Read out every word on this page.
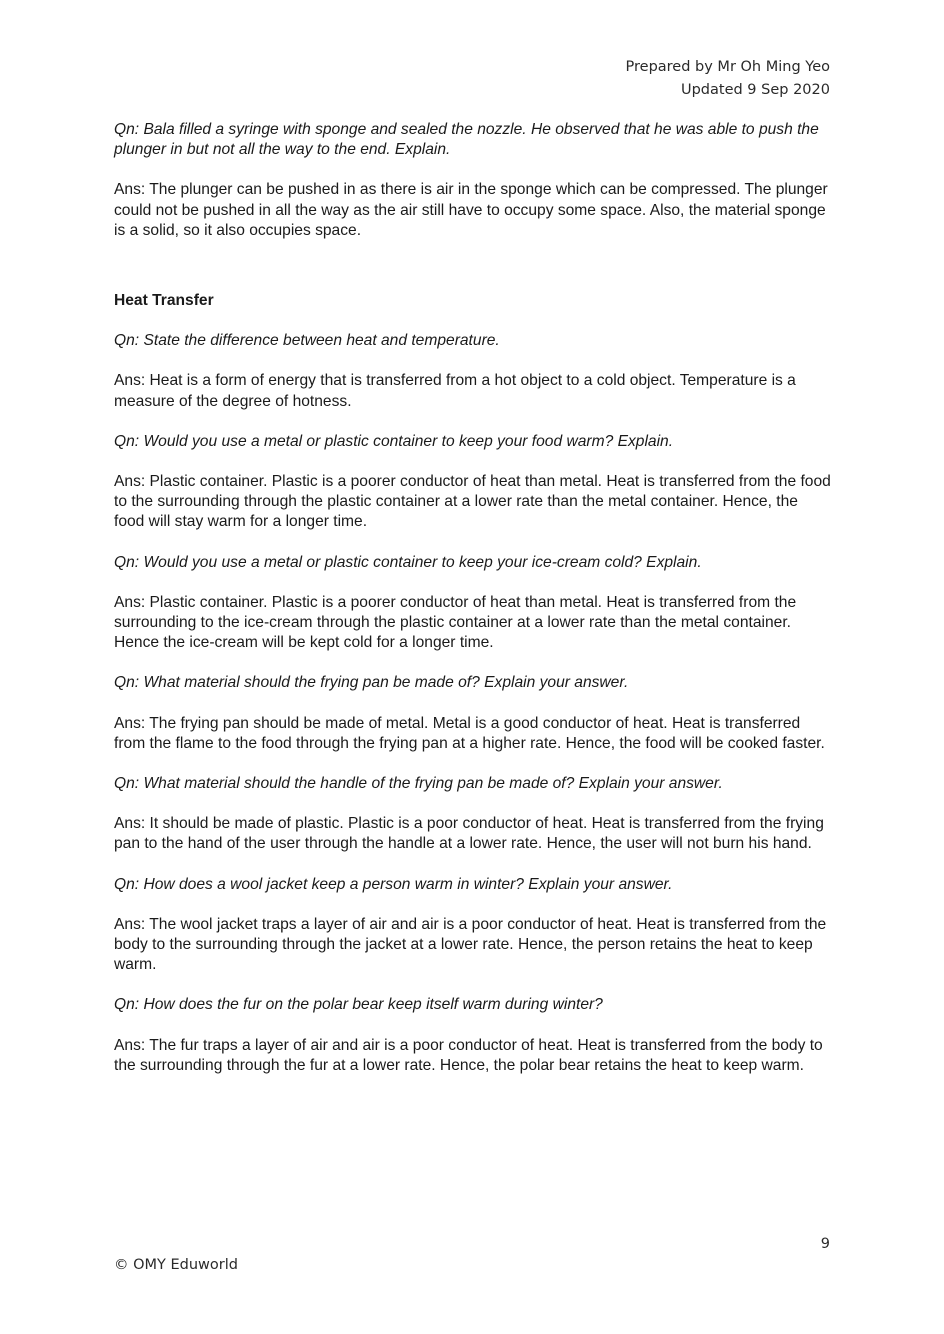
Prepared by Mr Oh Ming Yeo
Updated 9 Sep 2020

Qn: Bala filled a syringe with sponge and sealed the nozzle. He observed that he was able to push the plunger in but not all the way to the end. Explain.

Ans: The plunger can be pushed in as there is air in the sponge which can be compressed. The plunger could not be pushed in all the way as the air still have to occupy some space. Also, the material sponge is a solid, so it also occupies space.

Heat Transfer

Qn: State the difference between heat and temperature.

Ans: Heat is a form of energy that is transferred from a hot object to a cold object. Temperature is a measure of the degree of hotness.

Qn: Would you use a metal or plastic container to keep your food warm? Explain.

Ans: Plastic container. Plastic is a poorer conductor of heat than metal. Heat is transferred from the food to the surrounding through the plastic container at a lower rate than the metal container. Hence, the food will stay warm for a longer time.

Qn: Would you use a metal or plastic container to keep your ice-cream cold? Explain.

Ans: Plastic container. Plastic is a poorer conductor of heat than metal. Heat is transferred from the surrounding to the ice-cream through the plastic container at a lower rate than the metal container. Hence the ice-cream will be kept cold for a longer time.

Qn: What material should the frying pan be made of? Explain your answer.

Ans: The frying pan should be made of metal. Metal is a good conductor of heat. Heat is transferred from the flame to the food through the frying pan at a higher rate. Hence, the food will be cooked faster.

Qn: What material should the handle of the frying pan be made of? Explain your answer.

Ans: It should be made of plastic. Plastic is a poor conductor of heat. Heat is transferred from the frying pan to the hand of the user through the handle at a lower rate. Hence, the user will not burn his hand.

Qn: How does a wool jacket keep a person warm in winter? Explain your answer.

Ans: The wool jacket traps a layer of air and air is a poor conductor of heat. Heat is transferred from the body to the surrounding through the jacket at a lower rate. Hence, the person retains the heat to keep warm.

Qn: How does the fur on the polar bear keep itself warm during winter?

Ans: The fur traps a layer of air and air is a poor conductor of heat. Heat is transferred from the body to the surrounding through the fur at a lower rate. Hence, the polar bear retains the heat to keep warm.

9
© OMY Eduworld
